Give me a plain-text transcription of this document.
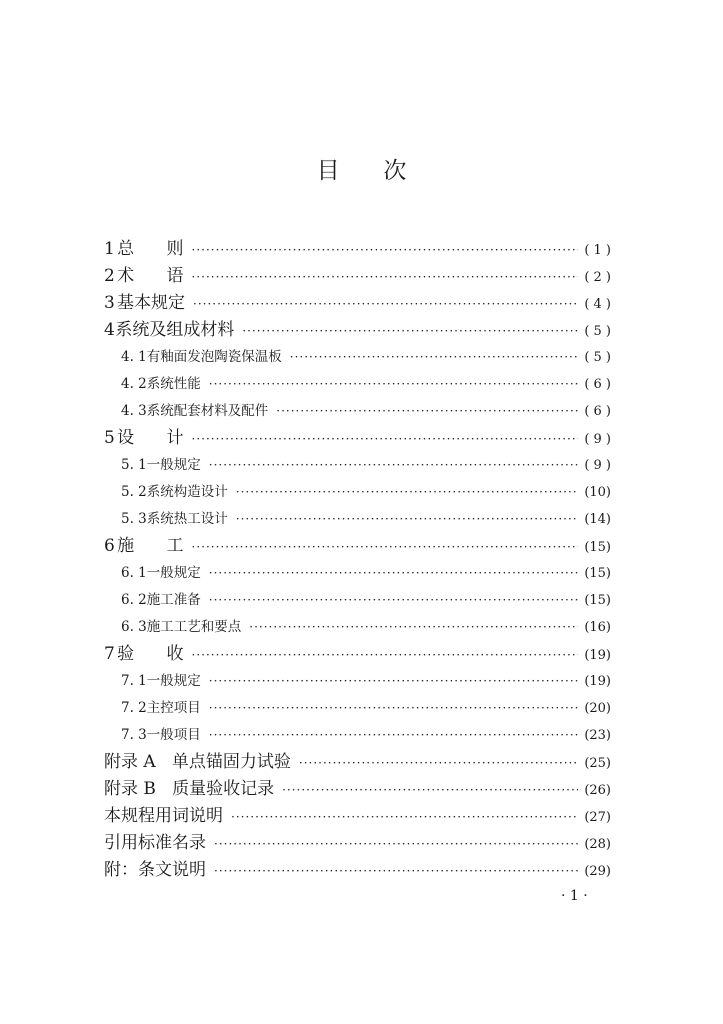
目      次
1 总      则 ·····	( 1 )
2 术      语 ·····	( 2 )
3 基本规定 ·····	( 4 )
4 系统及组成材料 ·····	( 5 )
4. 1 有釉面发泡陶瓷保温板 ·····	( 5 )
4. 2 系统性能 ·····	( 6 )
4. 3 系统配套材料及配件 ·····	( 6 )
5 设      计 ·····	( 9 )
5. 1 一般规定 ·····	( 9 )
5. 2 系统构造设计 ·····	(10)
5. 3 系统热工设计 ·····	(14)
6 施      工 ·····	(15)
6. 1 一般规定 ·····	(15)
6. 2 施工准备 ·····	(15)
6. 3 施工工艺和要点 ·····	(16)
7 验      收 ·····	(19)
7. 1 一般规定 ·····	(19)
7. 2 主控项目 ·····	(20)
7. 3 一般项目 ·····	(23)
附录 A   单点锚固力试验 ·····	(25)
附录 B   质量验收记录 ·····	(26)
本规程用词说明 ·····	(27)
引用标准名录 ·····	(28)
附：条文说明 ·····	(29)
· 1 ·
